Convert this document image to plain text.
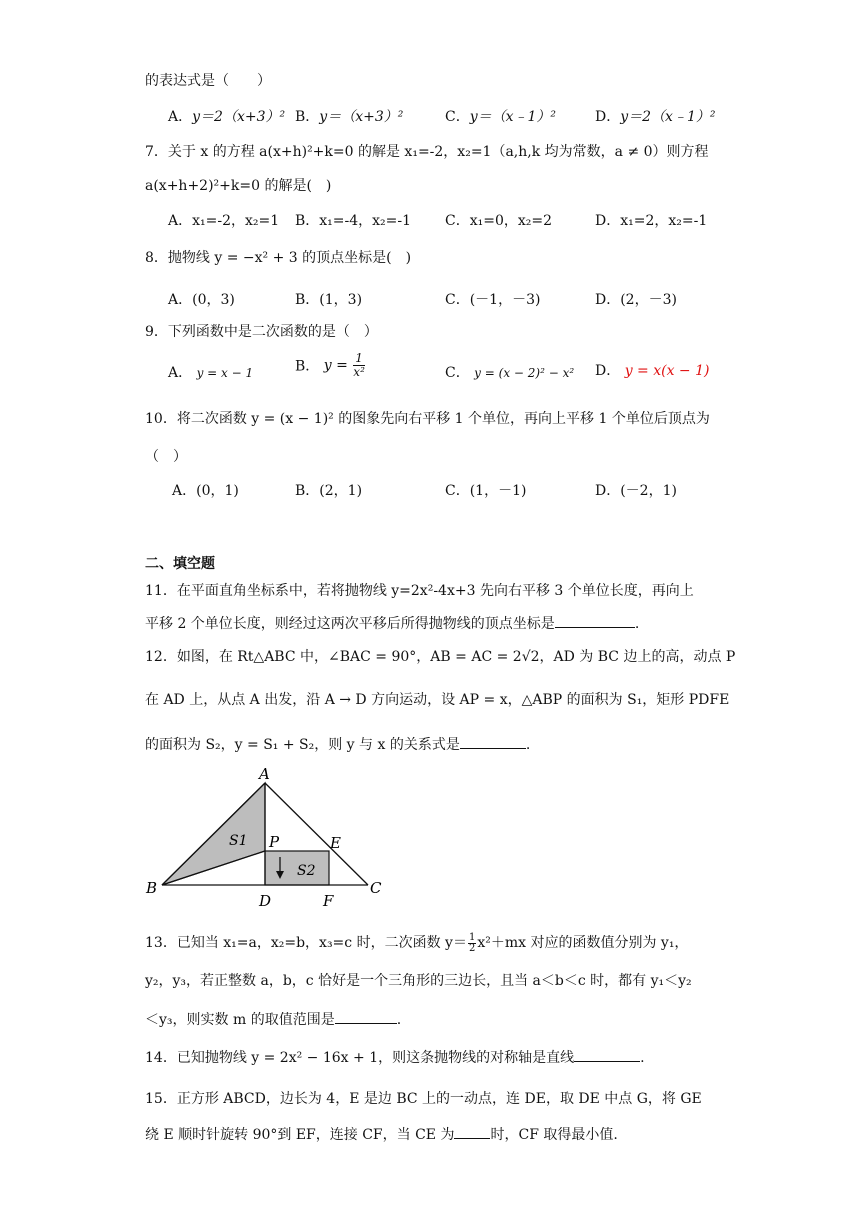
的表达式是（　　）
A．y＝2（x+3）² B．y＝（x+3）²	C．y＝（x﹣1）²	D．y＝2（x﹣1）²
7．关于 x 的方程 a(x+h)²+k=0 的解是 x₁=-2，x₂=1（a,h,k 均为常数，a ≠ 0）则方程
a(x+h+2)²+k=0 的解是(　)
A．x₁=-2，x₂=1 B．x₁=-4，x₂=-1 C．x₁=0，x₂=2	D．x₁=2，x₂=-1
8．抛物线 y = −x² + 3 的顶点坐标是(　)
A．(0，3)	B．(1，3)	C．(－1，－3)	D．(2，－3)
9．下列函数中是二次函数的是（　）
A． y = x − 1	B． $y = \frac{1}{\text{x²}}$	C． y = (x − 2)² − x² D． y = x(x − 1)
10．将二次函数 y = (x − 1)² 的图象先向右平移 1 个单位，再向上平移 1 个单位后顶点为
（　）
A．(0，1)	B．(2，1)	C．(1，－1)	D．(－2，1)
二、填空题
11．在平面直角坐标系中，若将抛物线 y=2x²-4x+3 先向右平移 3 个单位长度，再向上
平移 2 个单位长度，则经过这两次平移后所得抛物线的顶点坐标是	.
12．如图，在 Rt△ABC 中，∠BAC = 90°，AB = AC = 2√2，AD 为 BC 边上的高，动点 P
在 AD 上，从点 A 出发，沿 A → D 方向运动，设 AP = x，△ABP 的面积为 S₁，矩形 PDFE
的面积为 S₂，y = S₁ + S₂，则 y 与 x 的关系式是	.
A
B	C
D
E
F
P
S1
S2
13．已知当 x₁=a，x₂=b，x₃=c 时，二次函数 $y= \frac{1}{2} x^2+mx$ 对应的函数值分别为 y₁，
y₂，y₃，若正整数 a，b，c 恰好是一个三角形的三边长，且当 a＜b＜c 时，都有 y₁＜y₂
＜y₃，则实数 m 的取值范围是	.
14．已知抛物线 y = 2x² − 16x + 1，则这条抛物线的对称轴是直线	.
15．正方形 ABCD，边长为 4，E 是边 BC 上的一动点，连 DE，取 DE 中点 G，将 GE
绕 E 顺时针旋转 90°到 EF，连接 CF，当 CE 为	时，CF 取得最小值.
